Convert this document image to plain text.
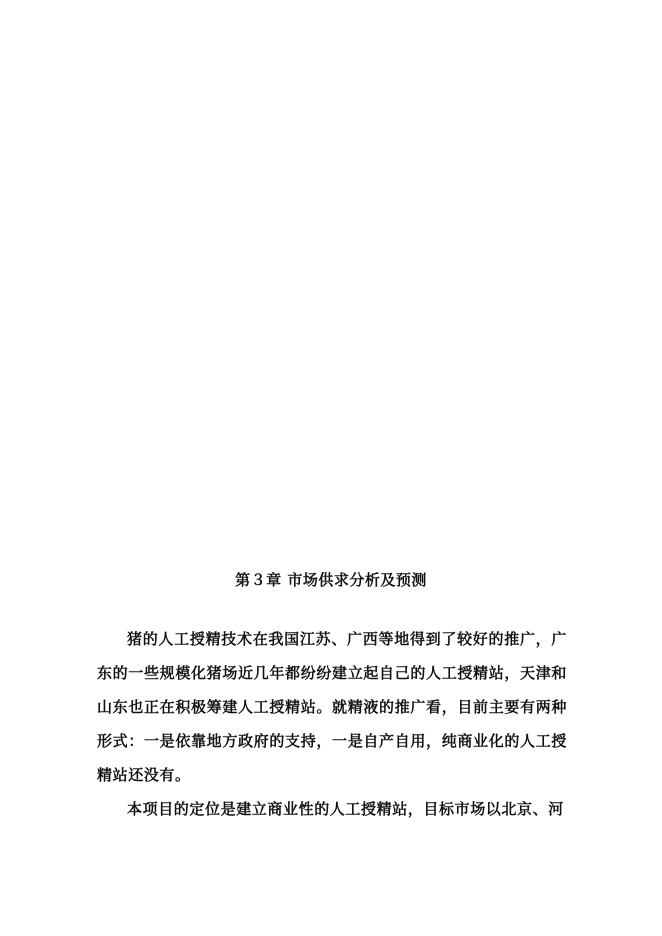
第３章 市场供求分析及预测

猪的人工授精技术在我国江苏、广西等地得到了较好的推广，广东的一些规模化猪场近几年都纷纷建立起自己的人工授精站，天津和山东也正在积极筹建人工授精站。就精液的推广看，目前主要有两种形式：一是依靠地方政府的支持，一是自产自用，纯商业化的人工授精站还没有。

本项目的定位是建立商业性的人工授精站，目标市场以北京、河
